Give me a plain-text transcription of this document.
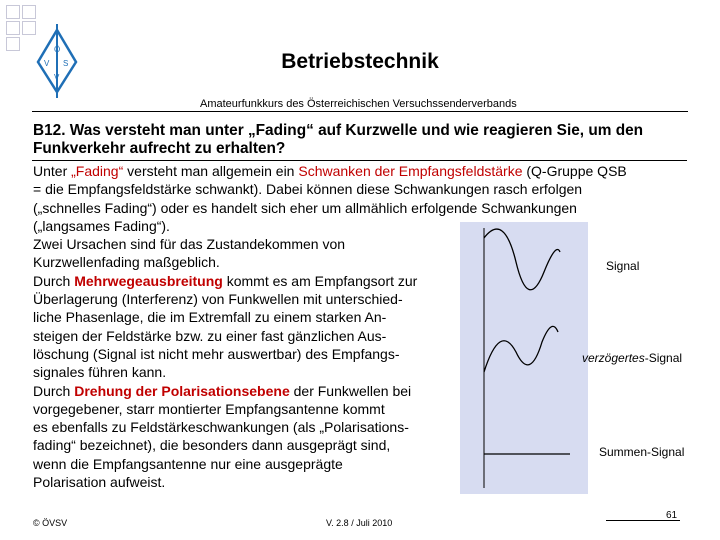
V
Ö
S
V
Betriebstechnik
Amateurfunkkurs des Österreichischen Versuchssenderverbands
B12. Was versteht man unter „Fading“ auf Kurzwelle und wie reagieren Sie, um den
Funkverkehr aufrecht zu erhalten?
Unter „Fading“ versteht man allgemein ein Schwanken der Empfangsfeldstärke (Q-Gruppe QSB
= die Empfangsfeldstärke schwankt). Dabei können diese Schwankungen rasch erfolgen
(„schnelles Fading“) oder es handelt sich eher um allmählich erfolgende Schwankungen
(„langsames Fading“).
Zwei Ursachen sind für das Zustandekommen von
Kurzwellenfading maßgeblich.
Durch Mehrwegeausbreitung kommt es am Empfangsort zur
Überlagerung (Interferenz) von Funkwellen mit unterschied-
liche Phasenlage, die im Extremfall zu einem starken An-
steigen der Feldstärke bzw. zu einer fast gänzlichen Aus-
löschung (Signal ist nicht mehr auswertbar) des Empfangs-
signales führen kann.
Durch Drehung der Polarisationsebene der Funkwellen bei
vorgegebener, starr montierter Empfangsantenne kommt
es ebenfalls zu Feldstärkeschwankungen (als „Polarisations-
fading“ bezeichnet), die besonders dann ausgeprägt sind,
wenn die Empfangsantenne nur eine ausgeprägte
Polarisation aufweist.
Signal
verzögertes-Signal
Summen-Signal
© ÖVSV	V. 2.8 / Juli 2010
61
